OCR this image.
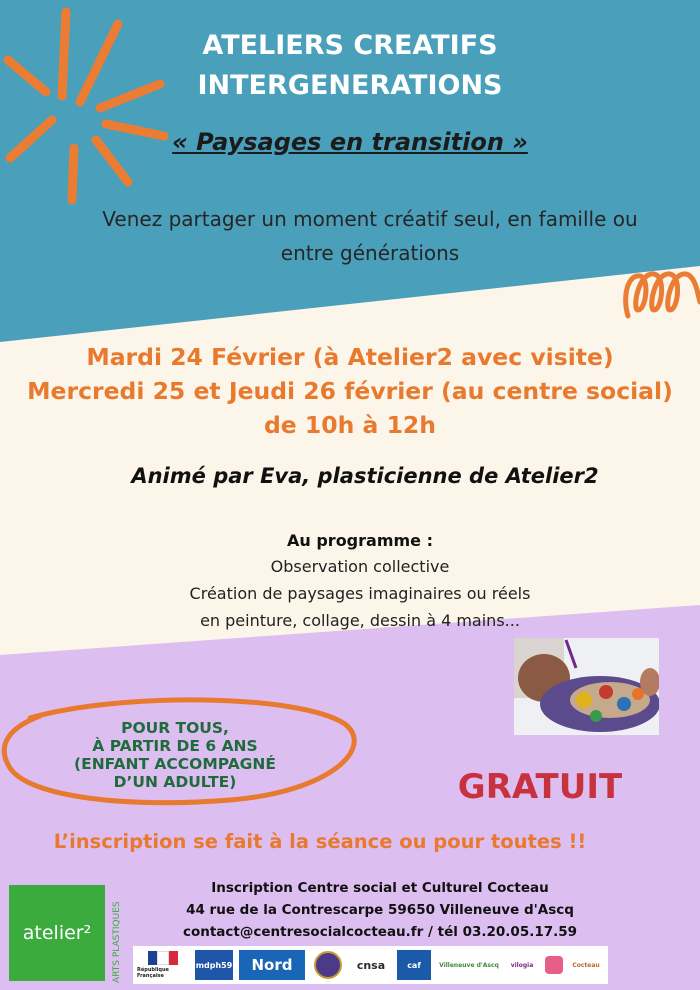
ATELIERS CREATIFS
INTERGENERATIONS
« Paysages en transition »
Venez partager un moment créatif seul, en famille ou
entre générations
Mardi 24 Février (à Atelier2 avec visite)
Mercredi 25 et Jeudi 26 février (au centre social)
de 10h à 12h
Animé par Eva, plasticienne de Atelier2
Au programme :
Observation collective
Création de paysages imaginaires ou réels
en peinture, collage, dessin à 4 mains...
POUR TOUS,
À PARTIR DE 6 ANS
(ENFANT ACCOMPAGNÉ
D’UN ADULTE)	GRATUIT
L’inscription se fait à la séance ou pour toutes !!
Inscription Centre social et Culturel Cocteau
44 rue de la Contrescarpe 59650 Villeneuve d'Ascq
contact@centresocialcocteau.fr / tél 03.20.05.17.59
atelier²	ARTS PLASTIQUES	République Française
mdph59 Nord	cnsa	caf	Villeneuve d'Ascq vilogia	Cocteau
